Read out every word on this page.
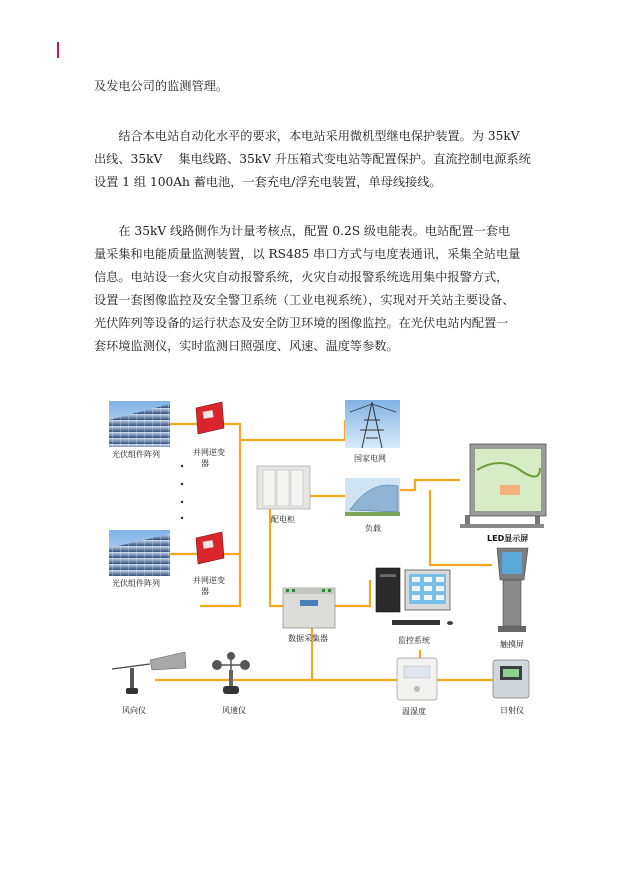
及发电公司的监测管理。
　　结合本电站自动化水平的要求，本电站采用微机型继电保护装置。为 35kV
出线、35kV　 集电线路、35kV 升压箱式变电站等配置保护。直流控制电源系统
设置 1 组 100Ah 蓄电池，一套充电/浮充电装置，单母线接线。
　　在 35kV 线路侧作为计量考核点，配置 0.2S 级电能表。电站配置一套电
量采集和电能质量监测装置，以 RS485 串口方式与电度表通讯，采集全站电量
信息。电站设一套火灾自动报警系统，火灾自动报警系统选用集中报警方式，
设置一套图像监控及安全警卫系统（工业电视系统），实现对开关站主要设备、
光伏阵列等设备的运行状态及安全防卫环境的图像监控。在光伏电站内配置一
套环境监测仪，实时监测日照强度、风速、温度等参数。
光伏组件阵列	并网逆变
器
光伏组件阵列	并网逆变
器
配电柜
国家电网
负载
LED显示屏
触摸屏
监控系统
数据采集器
风向仪	风速仪	温湿度	日射仪
